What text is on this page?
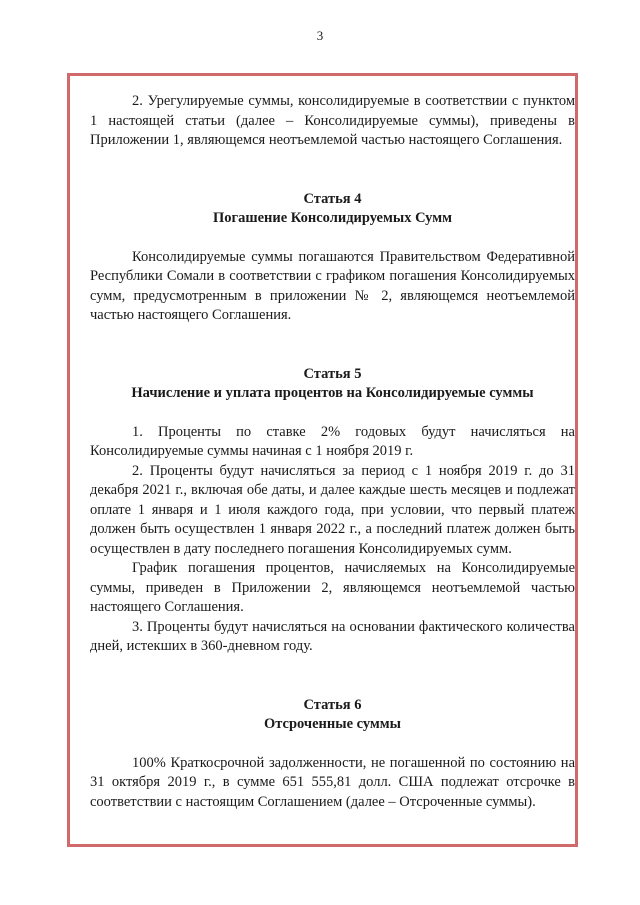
3

2. Урегулируемые суммы, консолидируемые в соответствии с пунктом 1 настоящей статьи (далее – Консолидируемые суммы), приведены в Приложении 1, являющемся неотъемлемой частью настоящего Соглашения.

Статья 4
Погашение Консолидируемых Сумм

Консолидируемые суммы погашаются Правительством Федеративной Республики Сомали в соответствии с графиком погашения Консолидируемых сумм, предусмотренным в приложении № 2, являющемся неотъемлемой частью настоящего Соглашения.

Статья 5
Начисление и уплата процентов на Консолидируемые суммы

1. Проценты по ставке 2% годовых будут начисляться на Консолидируемые суммы начиная с 1 ноября 2019 г.

2. Проценты будут начисляться за период с 1 ноября 2019 г. до 31 декабря 2021 г., включая обе даты, и далее каждые шесть месяцев и подлежат оплате 1 января и 1 июля каждого года, при условии, что первый платеж должен быть осуществлен 1 января 2022 г., а последний платеж должен быть осуществлен в дату последнего погашения Консолидируемых сумм.

График погашения процентов, начисляемых на Консолидируемые суммы, приведен в Приложении 2, являющемся неотъемлемой частью настоящего Соглашения.

3. Проценты будут начисляться на основании фактического количества дней, истекших в 360-дневном году.

Статья 6
Отсроченные суммы

100% Краткосрочной задолженности, не погашенной по состоянию на 31 октября 2019 г., в сумме 651 555,81 долл. США подлежат отсрочке в соответствии с настоящим Соглашением (далее – Отсроченные суммы).
